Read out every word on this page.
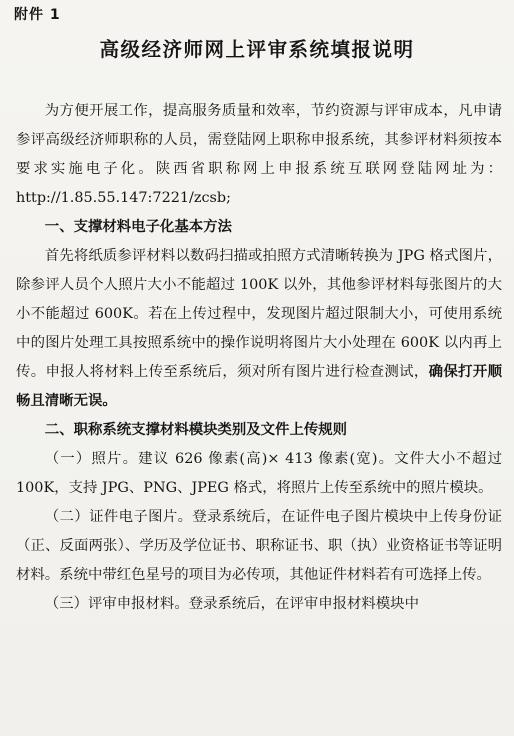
附件 1
高级经济师网上评审系统填报说明

为方便开展工作，提高服务质量和效率，节约资源与评审成本，凡申请参评高级经济师职称的人员，需登陆网上职称申报系统，其参评材料须按本要求实施电子化。陕西省职称网上申报系统互联网登陆网址为：http://1.85.55.147:7221/zcsb;

一、支撑材料电子化基本方法

首先将纸质参评材料以数码扫描或拍照方式清晰转换为 JPG 格式图片，除参评人员个人照片大小不能超过 100K 以外，其他参评材料每张图片的大小不能超过 600K。若在上传过程中，发现图片超过限制大小，可使用系统中的图片处理工具按照系统中的操作说明将图片大小处理在 600K 以内再上传。申报人将材料上传至系统后，须对所有图片进行检查测试，确保打开顺畅且清晰无误。

二、职称系统支撑材料模块类别及文件上传规则

（一）照片。建议 626 像素(高)× 413 像素(宽)。文件大小不超过 100K，支持 JPG、PNG、JPEG 格式，将照片上传至系统中的照片模块。

（二）证件电子图片。登录系统后，在证件电子图片模块中上传身份证（正、反面两张）、学历及学位证书、职称证书、职（执）业资格证书等证明材料。系统中带红色星号的项目为必传项，其他证件材料若有可选择上传。

（三）评审申报材料。登录系统后，在评审申报材料模块中
